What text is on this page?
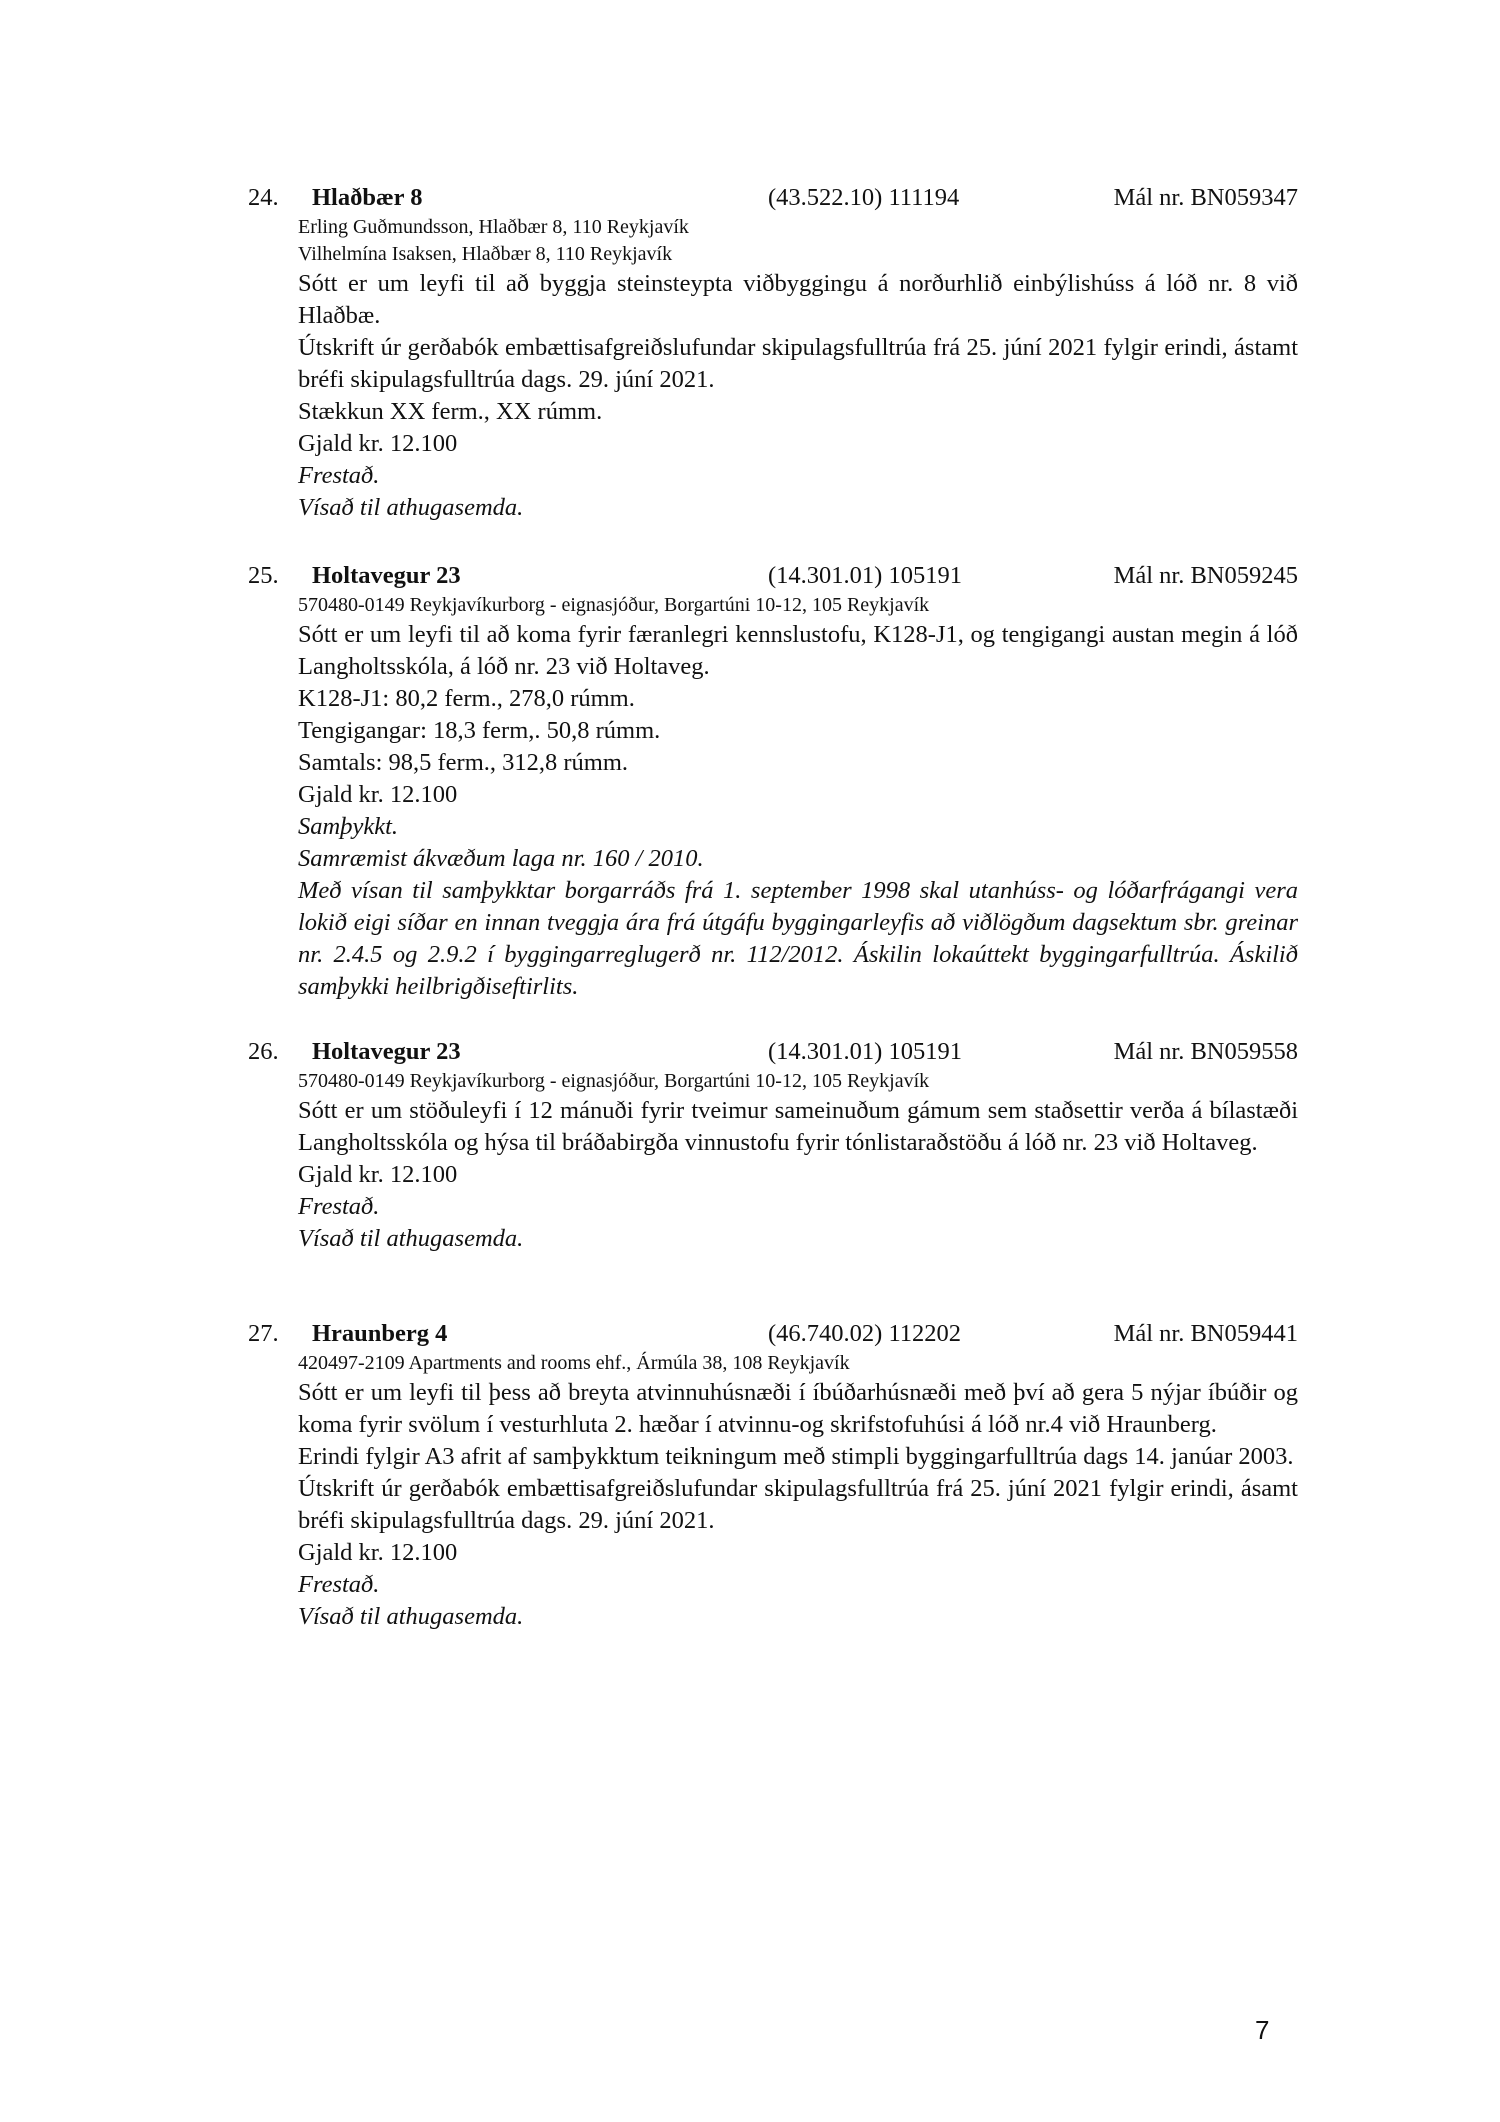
24. Hlaðbær 8	(43.522.10) 111194	Mál nr. BN059347
Erling Guðmundsson, Hlaðbær 8, 110 Reykjavík
Vilhelmína Isaksen, Hlaðbær 8, 110 Reykjavík
Sótt er um leyfi til að byggja steinsteypta viðbyggingu á norðurhlið einbýlishúss á lóð nr. 8 við Hlaðbæ.
Útskrift úr gerðabók embættisafgreiðslufundar skipulagsfulltrúa frá 25. júní 2021 fylgir erindi, ástamt bréfi skipulagsfulltrúa dags. 29. júní 2021.
Stækkun XX ferm., XX rúmm.
Gjald kr. 12.100
Frestað.
Vísað til athugasemda.
25. Holtavegur 23	(14.301.01) 105191	Mál nr. BN059245
570480-0149 Reykjavíkurborg - eignasjóður, Borgartúni 10-12, 105 Reykjavík
Sótt er um leyfi til að koma fyrir færanlegri kennslustofu, K128-J1, og tengigangi austan megin á lóð Langholtsskóla, á lóð nr. 23 við Holtaveg.
K128-J1: 80,2 ferm., 278,0 rúmm.
Tengigangar: 18,3 ferm,. 50,8 rúmm.
Samtals: 98,5 ferm., 312,8 rúmm.
Gjald kr. 12.100
Samþykkt.
Samræmist ákvæðum laga nr. 160 / 2010.
Með vísan til samþykktar borgarráðs frá 1. september 1998 skal utanhúss- og lóðarfrágangi vera lokið eigi síðar en innan tveggja ára frá útgáfu byggingarleyfis að viðlögðum dagsektum sbr. greinar nr. 2.4.5 og 2.9.2 í byggingarreglugerð nr. 112/2012. Áskilin lokaúttekt byggingarfulltrúa. Áskilið samþykki heilbrigðiseftirlits.
26. Holtavegur 23	(14.301.01) 105191	Mál nr. BN059558
570480-0149 Reykjavíkurborg - eignasjóður, Borgartúni 10-12, 105 Reykjavík
Sótt er um stöðuleyfi í 12 mánuði fyrir tveimur sameinuðum gámum sem staðsettir verða á bílastæði Langholtsskóla og hýsa til bráðabirgða vinnustofu fyrir tónlistaraðstöðu á lóð nr. 23 við Holtaveg.
Gjald kr. 12.100
Frestað.
Vísað til athugasemda.
27. Hraunberg 4	(46.740.02) 112202	Mál nr. BN059441
420497-2109 Apartments and rooms ehf., Ármúla 38, 108 Reykjavík
Sótt er um leyfi til þess að breyta atvinnuhúsnæði í íbúðarhúsnæði með því að gera 5 nýjar íbúðir og koma fyrir svölum í vesturhluta 2. hæðar í atvinnu-og skrifstofuhúsi á lóð nr.4 við Hraunberg.
Erindi fylgir A3 afrit af samþykktum teikningum með stimpli byggingarfulltrúa dags 14. janúar 2003.
Útskrift úr gerðabók embættisafgreiðslufundar skipulagsfulltrúa frá 25. júní 2021 fylgir erindi, ásamt bréfi skipulagsfulltrúa dags. 29. júní 2021.
Gjald kr. 12.100
Frestað.
Vísað til athugasemda.
7
